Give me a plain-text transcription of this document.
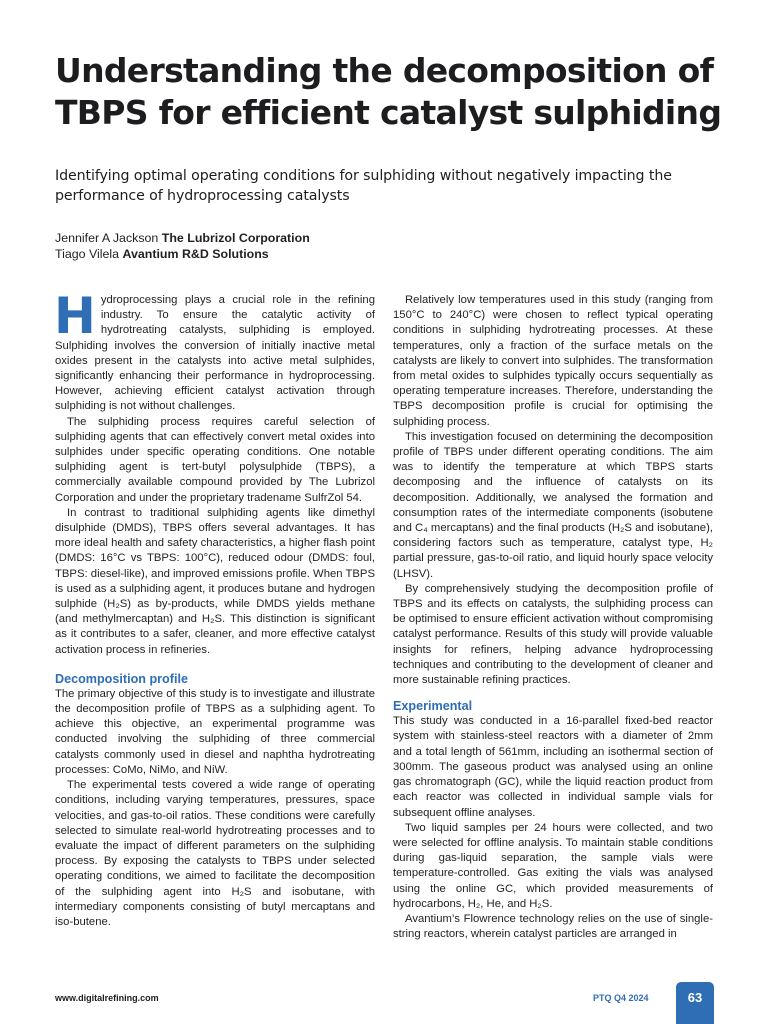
Understanding the decomposition of TBPS for efficient catalyst sulphiding

Identifying optimal operating conditions for sulphiding without negatively impacting the performance of hydroprocessing catalysts

Jennifer A Jackson The Lubrizol Corporation
Tiago Vilela Avantium R&D Solutions

Hydroprocessing plays a crucial role in the refining industry. To ensure the catalytic activity of hydrotreating catalysts, sulphiding is employed. Sulphiding involves the conversion of initially inactive metal oxides present in the catalysts into active metal sulphides, significantly enhancing their performance in hydroprocessing. However, achieving efficient catalyst activation through sulphiding is not without challenges.

The sulphiding process requires careful selection of sulphiding agents that can effectively convert metal oxides into sulphides under specific operating conditions. One notable sulphiding agent is tert-butyl polysulphide (TBPS), a commercially available compound provided by The Lubrizol Corporation and under the proprietary tradename SulfrZol 54.

In contrast to traditional sulphiding agents like dimethyl disulphide (DMDS), TBPS offers several advantages. It has more ideal health and safety characteristics, a higher flash point (DMDS: 16°C vs TBPS: 100°C), reduced odour (DMDS: foul, TBPS: diesel-like), and improved emissions profile. When TBPS is used as a sulphiding agent, it produces butane and hydrogen sulphide (H₂S) as by-products, while DMDS yields methane (and methylmercaptan) and H₂S. This distinction is significant as it contributes to a safer, cleaner, and more effective catalyst activation process in refineries.

Decomposition profile

The primary objective of this study is to investigate and illustrate the decomposition profile of TBPS as a sulphiding agent. To achieve this objective, an experimental programme was conducted involving the sulphiding of three commercial catalysts commonly used in diesel and naphtha hydrotreating processes: CoMo, NiMo, and NiW.

The experimental tests covered a wide range of operating conditions, including varying temperatures, pressures, space velocities, and gas-to-oil ratios. These conditions were carefully selected to simulate real-world hydrotreating processes and to evaluate the impact of different parameters on the sulphiding process. By exposing the catalysts to TBPS under selected operating conditions, we aimed to facilitate the decomposition of the sulphiding agent into H₂S and isobutane, with intermediary components consisting of butyl mercaptans and iso-butene.

Relatively low temperatures used in this study (ranging from 150°C to 240°C) were chosen to reflect typical operating conditions in sulphiding hydrotreating processes. At these temperatures, only a fraction of the surface metals on the catalysts are likely to convert into sulphides. The transformation from metal oxides to sulphides typically occurs sequentially as operating temperature increases. Therefore, understanding the TBPS decomposition profile is crucial for optimising the sulphiding process.

This investigation focused on determining the decomposition profile of TBPS under different operating conditions. The aim was to identify the temperature at which TBPS starts decomposing and the influence of catalysts on its decomposition. Additionally, we analysed the formation and consumption rates of the intermediate components (isobutene and C₄ mercaptans) and the final products (H₂S and isobutane), considering factors such as temperature, catalyst type, H₂ partial pressure, gas-to-oil ratio, and liquid hourly space velocity (LHSV).

By comprehensively studying the decomposition profile of TBPS and its effects on catalysts, the sulphiding process can be optimised to ensure efficient activation without compromising catalyst performance. Results of this study will provide valuable insights for refiners, helping advance hydroprocessing techniques and contributing to the development of cleaner and more sustainable refining practices.

Experimental

This study was conducted in a 16-parallel fixed-bed reactor system with stainless-steel reactors with a diameter of 2mm and a total length of 561mm, including an isothermal section of 300mm. The gaseous product was analysed using an online gas chromatograph (GC), while the liquid reaction product from each reactor was collected in individual sample vials for subsequent offline analyses.

Two liquid samples per 24 hours were collected, and two were selected for offline analysis. To maintain stable conditions during gas-liquid separation, the sample vials were temperature-controlled. Gas exiting the vials was analysed using the online GC, which provided measurements of hydrocarbons, H₂, He, and H₂S.

Avantium’s Flowrence technology relies on the use of single-string reactors, wherein catalyst particles are arranged in

www.digitalrefining.com	PTQ Q4 2024	63
